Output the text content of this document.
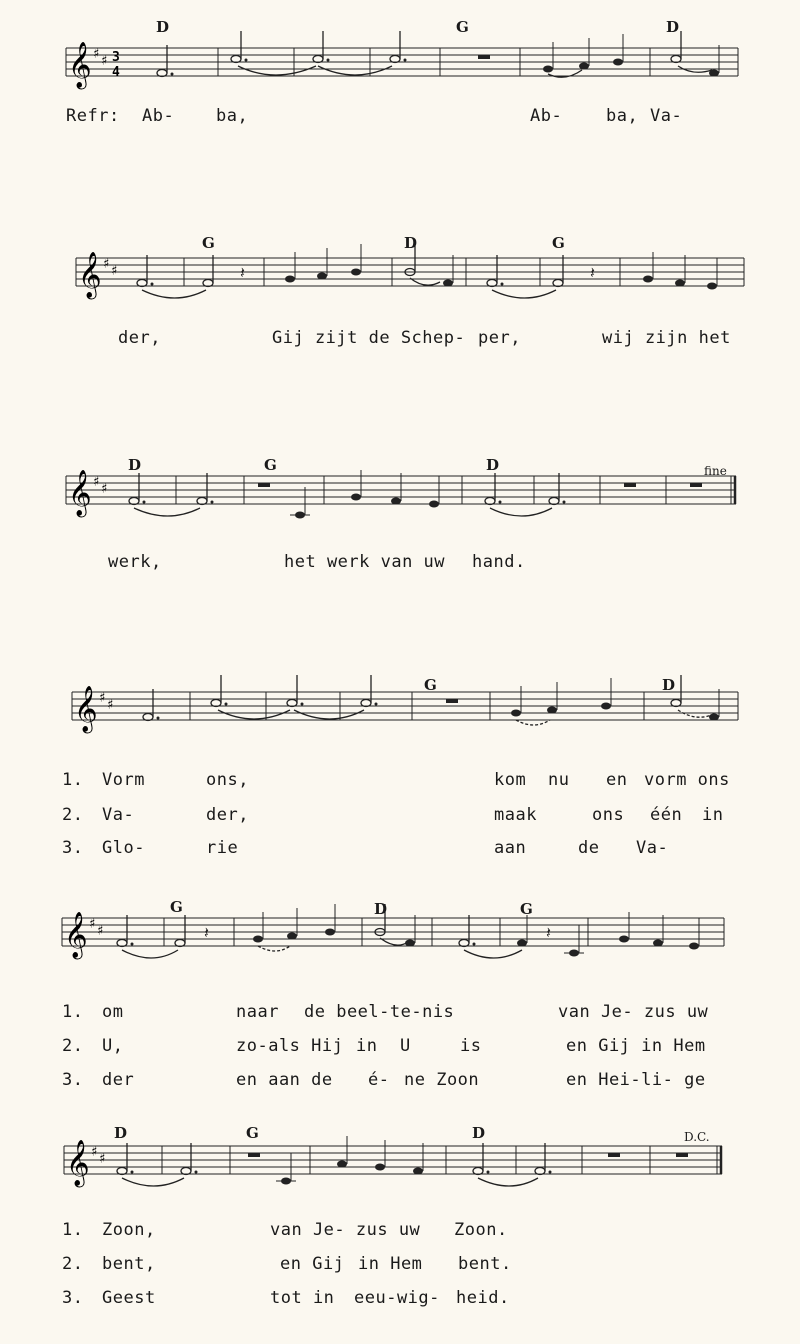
𝄞 ♯ ♯ 3
4
D	G	D
Refr: Ab- ba,	Ab-	ba, Va-
𝄞 ♯ ♯	𝄽	𝄽
G	D	G
der,	Gij zijt de Schep- per,	wij zijn het
𝄞 ♯ ♯
D	G	D	fine
werk,	het werk van uw hand.
𝄞 ♯ ♯
G	D
1. Vorm	ons,	kom nu en vorm ons
2. Va-	der,	maak	ons één in
3. Glo-	rie	aan	de Va-
𝄞 ♯ ♯	𝄽	𝄽
G	D	G
1. om	naar de beel-te-nis	van Je- zus uw
2. U,	zo-als Hij in U	is	en Gij in Hem
3. der	en aan de é- ne Zoon	en Hei-li- ge
𝄞 ♯ ♯
D	G	D	D.C.
1. Zoon,	van Je- zus uw Zoon.
2. bent,	en Gij in Hem bent.
3. Geest	tot in eeu-wig- heid.
